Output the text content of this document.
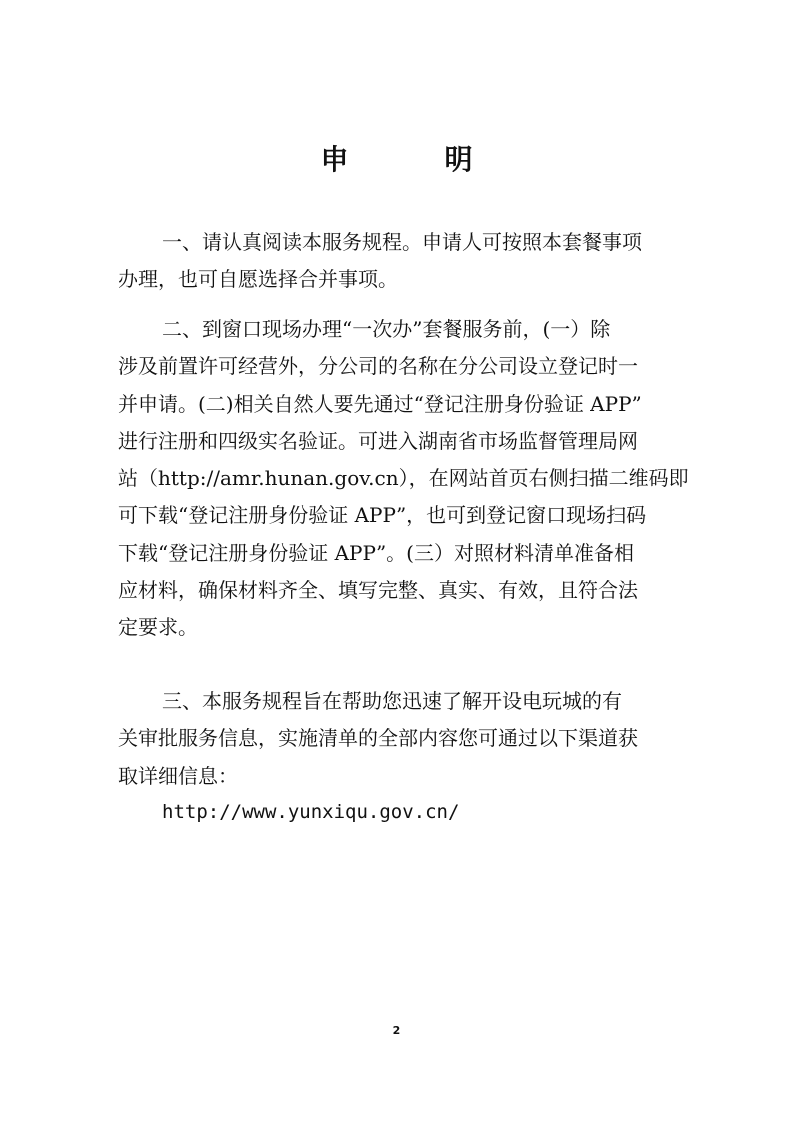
申　明
一、请认真阅读本服务规程。申请人可按照本套餐事项
办理，也可自愿选择合并事项。
二、到窗口现场办理“一次办”套餐服务前，(一）除
涉及前置许可经营外，分公司的名称在分公司设立登记时一
并申请。(二)相关自然人要先通过“登记注册身份验证 APP”
进行注册和四级实名验证。可进入湖南省市场监督管理局网
站（http://amr.hunan.gov.cn），在网站首页右侧扫描二维码即
可下载“登记注册身份验证 APP”，也可到登记窗口现场扫码
下载“登记注册身份验证 APP”。(三）对照材料清单准备相
应材料，确保材料齐全、填写完整、真实、有效，且符合法
定要求。
三、本服务规程旨在帮助您迅速了解开设电玩城的有
关审批服务信息，实施清单的全部内容您可通过以下渠道获
取详细信息：
http://www.yunxiqu.gov.cn/
2
